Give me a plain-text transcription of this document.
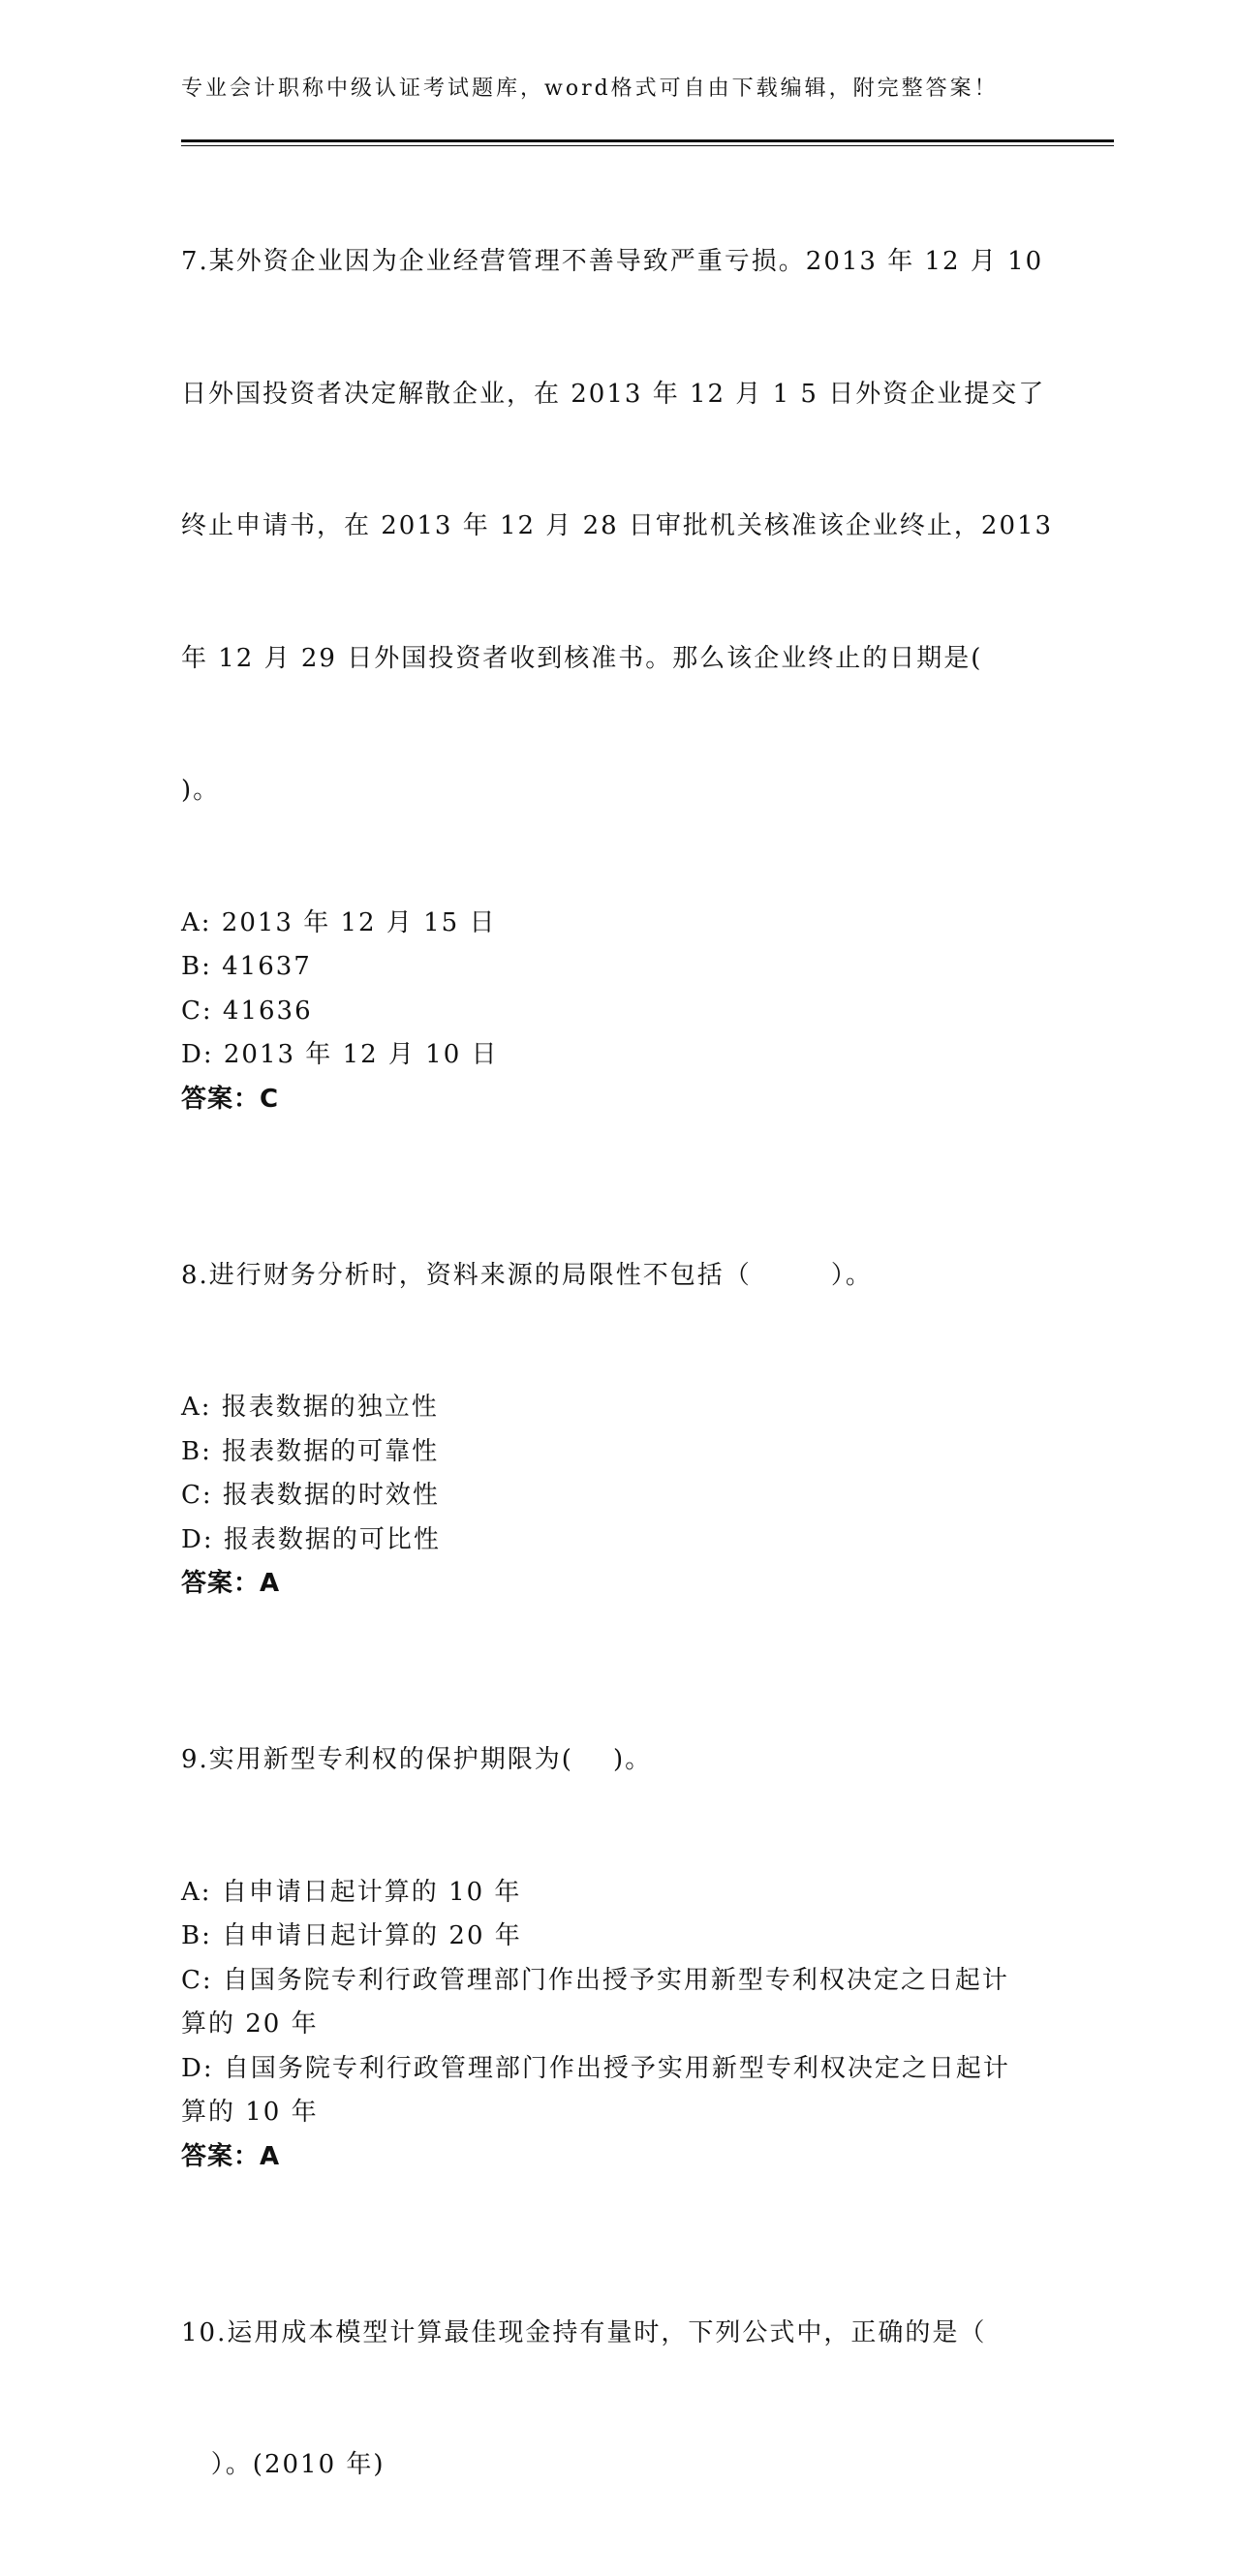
专业会计职称中级认证考试题库，word格式可自由下载编辑，附完整答案！

7.某外资企业因为企业经营管理不善导致严重亏损。2013 年 12 月 10

日外国投资者决定解散企业，在 2013 年 12 月 1 5 日外资企业提交了

终止申请书，在 2013 年 12 月 28 日审批机关核准该企业终止，2013

年 12 月 29 日外国投资者收到核准书。那么该企业终止的日期是(

)。

A: 2013 年 12 月 15 日
B: 41637
C: 41636
D: 2013 年 12 月 10 日
答案：C

8.进行财务分析时，资料来源的局限性不包括（        ）。

A: 报表数据的独立性
B: 报表数据的可靠性
C: 报表数据的时效性
D: 报表数据的可比性
答案：A

9.实用新型专利权的保护期限为(    )。

A: 自申请日起计算的 10 年
B: 自申请日起计算的 20 年
C: 自国务院专利行政管理部门作出授予实用新型专利权决定之日起计
算的 20 年
D: 自国务院专利行政管理部门作出授予实用新型专利权决定之日起计
算的 10 年
答案：A

10.运用成本模型计算最佳现金持有量时，下列公式中，正确的是（

）。(2010 年)
